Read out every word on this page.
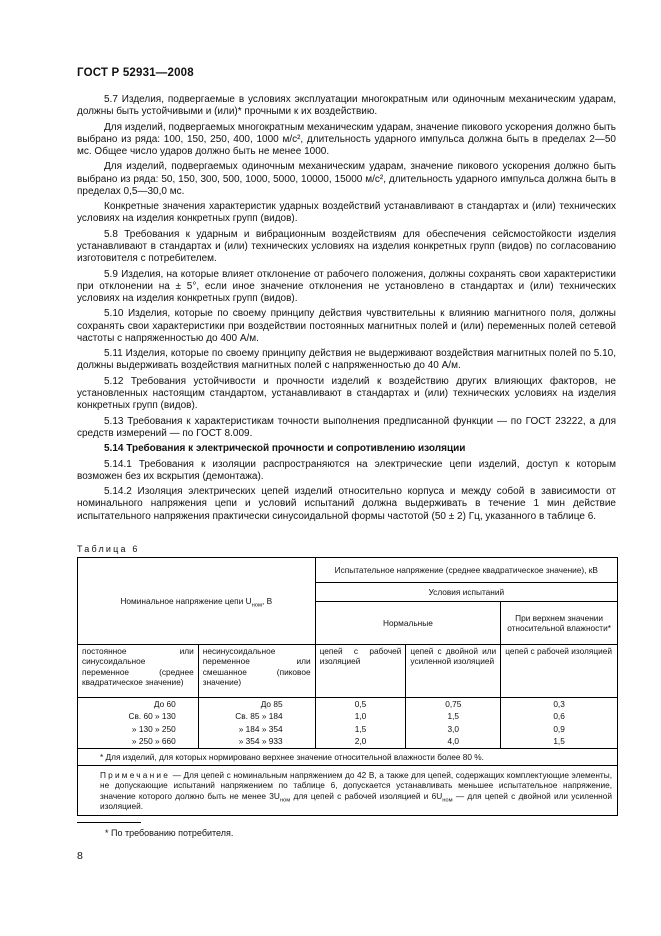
ГОСТ Р 52931—2008

5.7 Изделия, подвергаемые в условиях эксплуатации многократным или одиночным механическим ударам, должны быть устойчивыми и (или)* прочными к их воздействию.

Для изделий, подвергаемых многократным механическим ударам, значение пикового ускорения должно быть выбрано из ряда: 100, 150, 250, 400, 1000 м/с², длительность ударного импульса должна быть в пределах 2—50 мс. Общее число ударов должно быть не менее 1000.

Для изделий, подвергаемых одиночным механическим ударам, значение пикового ускорения должно быть выбрано из ряда: 50, 150, 300, 500, 1000, 5000, 10000, 15000 м/с², длительность ударного импульса должна быть в пределах 0,5—30,0 мс.

Конкретные значения характеристик ударных воздействий устанавливают в стандартах и (или) технических условиях на изделия конкретных групп (видов).

5.8 Требования к ударным и вибрационным воздействиям для обеспечения сейсмостойкости изделия устанавливают в стандартах и (или) технических условиях на изделия конкретных групп (видов) по согласованию изготовителя с потребителем.

5.9 Изделия, на которые влияет отклонение от рабочего положения, должны сохранять свои характеристики при отклонении на ± 5°, если иное значение отклонения не установлено в стандартах и (или) технических условиях на изделия конкретных групп (видов).

5.10 Изделия, которые по своему принципу действия чувствительны к влиянию магнитного поля, должны сохранять свои характеристики при воздействии постоянных магнитных полей и (или) переменных полей сетевой частоты с напряженностью до 400 А/м.

5.11 Изделия, которые по своему принципу действия не выдерживают воздействия магнитных полей по 5.10, должны выдерживать воздействия магнитных полей с напряженностью до 40 А/м.

5.12 Требования устойчивости и прочности изделий к воздействию других влияющих факторов, не установленных настоящим стандартом, устанавливают в стандартах и (или) технических условиях на изделия конкретных групп (видов).

5.13 Требования к характеристикам точности выполнения предписанной функции — по ГОСТ 23222, а для средств измерений — по ГОСТ 8.009.

5.14 Требования к электрической прочности и сопротивлению изоляции

5.14.1 Требования к изоляции распространяются на электрические цепи изделий, доступ к которым возможен без их вскрытия (демонтажа).

5.14.2 Изоляция электрических цепей изделий относительно корпуса и между собой в зависимости от номинального напряжения цепи и условий испытаний должна выдерживать в течение 1 мин действие испытательного напряжения практически синусоидальной формы частотой (50 ± 2) Гц, указанного в таблице 6.

Таблица 6
Номинальное напряжение цепи $U_{ном}$, В		Испытательное напряжение (среднее квадратическое значение), кВ		
		Условия испытаний		
		Нормальные		При верхнем значении относительной влажности*
постоянное или синусоидальное переменное (среднее квадратическое значение)	несинусоидальное переменное или смешанное (пиковое значение)	цепей с рабочей изоляцией	цепей с двойной или усиленной изоляцией	цепей с рабочей изоляцией
До 60	До 85	0,5	0,75	0,3
Св. 60 » 130	Св. 85 » 184	1,0	1,5	0,6
» 130 » 250	» 184 » 354	1,5	3,0	0,9
» 250 » 660	» 354 » 933	2,0	4,0	1,5
* Для изделий, для которых нормировано верхнее значение относительной влажности более 80 %.				
Примечание — Для цепей с номинальным напряжением до 42 В, а также для цепей, содержащих комплектующие элементы, не допускающие испытаний напряжением по таблице 6, допускается устанавливать меньшее испытательное напряжение, значение которого должно быть не менее $3U_{ном}$ для цепей с рабочей изоляцией и $6U_{ном}$ — для цепей с двойной или усиленной изоляцией.				
* По требованию потребителя.
8
